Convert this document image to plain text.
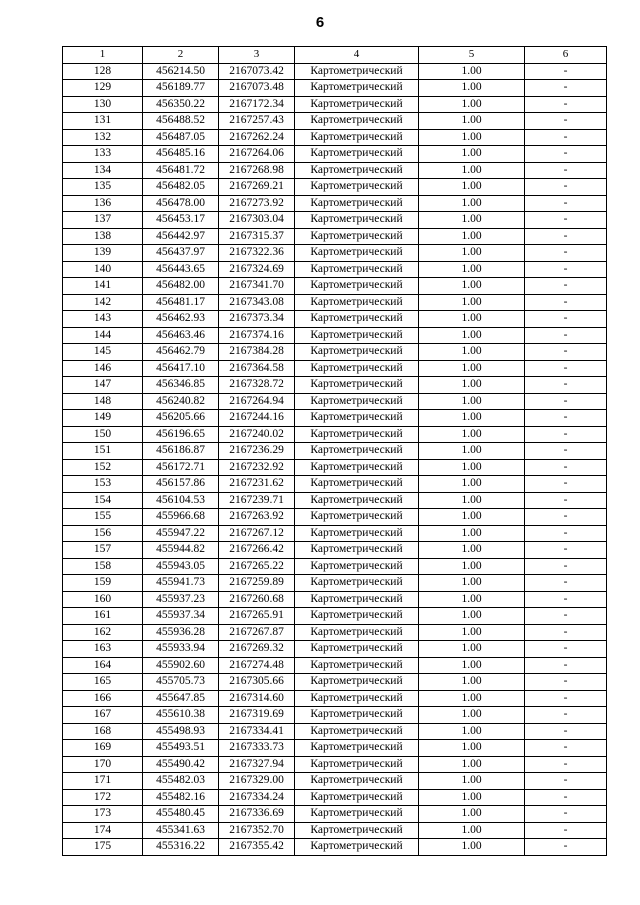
6
1	2	3	4	5	6
128	456214.50	2167073.42	Картометрический	1.00	-
129	456189.77	2167073.48	Картометрический	1.00	-
130	456350.22	2167172.34	Картометрический	1.00	-
131	456488.52	2167257.43	Картометрический	1.00	-
132	456487.05	2167262.24	Картометрический	1.00	-
133	456485.16	2167264.06	Картометрический	1.00	-
134	456481.72	2167268.98	Картометрический	1.00	-
135	456482.05	2167269.21	Картометрический	1.00	-
136	456478.00	2167273.92	Картометрический	1.00	-
137	456453.17	2167303.04	Картометрический	1.00	-
138	456442.97	2167315.37	Картометрический	1.00	-
139	456437.97	2167322.36	Картометрический	1.00	-
140	456443.65	2167324.69	Картометрический	1.00	-
141	456482.00	2167341.70	Картометрический	1.00	-
142	456481.17	2167343.08	Картометрический	1.00	-
143	456462.93	2167373.34	Картометрический	1.00	-
144	456463.46	2167374.16	Картометрический	1.00	-
145	456462.79	2167384.28	Картометрический	1.00	-
146	456417.10	2167364.58	Картометрический	1.00	-
147	456346.85	2167328.72	Картометрический	1.00	-
148	456240.82	2167264.94	Картометрический	1.00	-
149	456205.66	2167244.16	Картометрический	1.00	-
150	456196.65	2167240.02	Картометрический	1.00	-
151	456186.87	2167236.29	Картометрический	1.00	-
152	456172.71	2167232.92	Картометрический	1.00	-
153	456157.86	2167231.62	Картометрический	1.00	-
154	456104.53	2167239.71	Картометрический	1.00	-
155	455966.68	2167263.92	Картометрический	1.00	-
156	455947.22	2167267.12	Картометрический	1.00	-
157	455944.82	2167266.42	Картометрический	1.00	-
158	455943.05	2167265.22	Картометрический	1.00	-
159	455941.73	2167259.89	Картометрический	1.00	-
160	455937.23	2167260.68	Картометрический	1.00	-
161	455937.34	2167265.91	Картометрический	1.00	-
162	455936.28	2167267.87	Картометрический	1.00	-
163	455933.94	2167269.32	Картометрический	1.00	-
164	455902.60	2167274.48	Картометрический	1.00	-
165	455705.73	2167305.66	Картометрический	1.00	-
166	455647.85	2167314.60	Картометрический	1.00	-
167	455610.38	2167319.69	Картометрический	1.00	-
168	455498.93	2167334.41	Картометрический	1.00	-
169	455493.51	2167333.73	Картометрический	1.00	-
170	455490.42	2167327.94	Картометрический	1.00	-
171	455482.03	2167329.00	Картометрический	1.00	-
172	455482.16	2167334.24	Картометрический	1.00	-
173	455480.45	2167336.69	Картометрический	1.00	-
174	455341.63	2167352.70	Картометрический	1.00	-
175	455316.22	2167355.42	Картометрический	1.00	-
